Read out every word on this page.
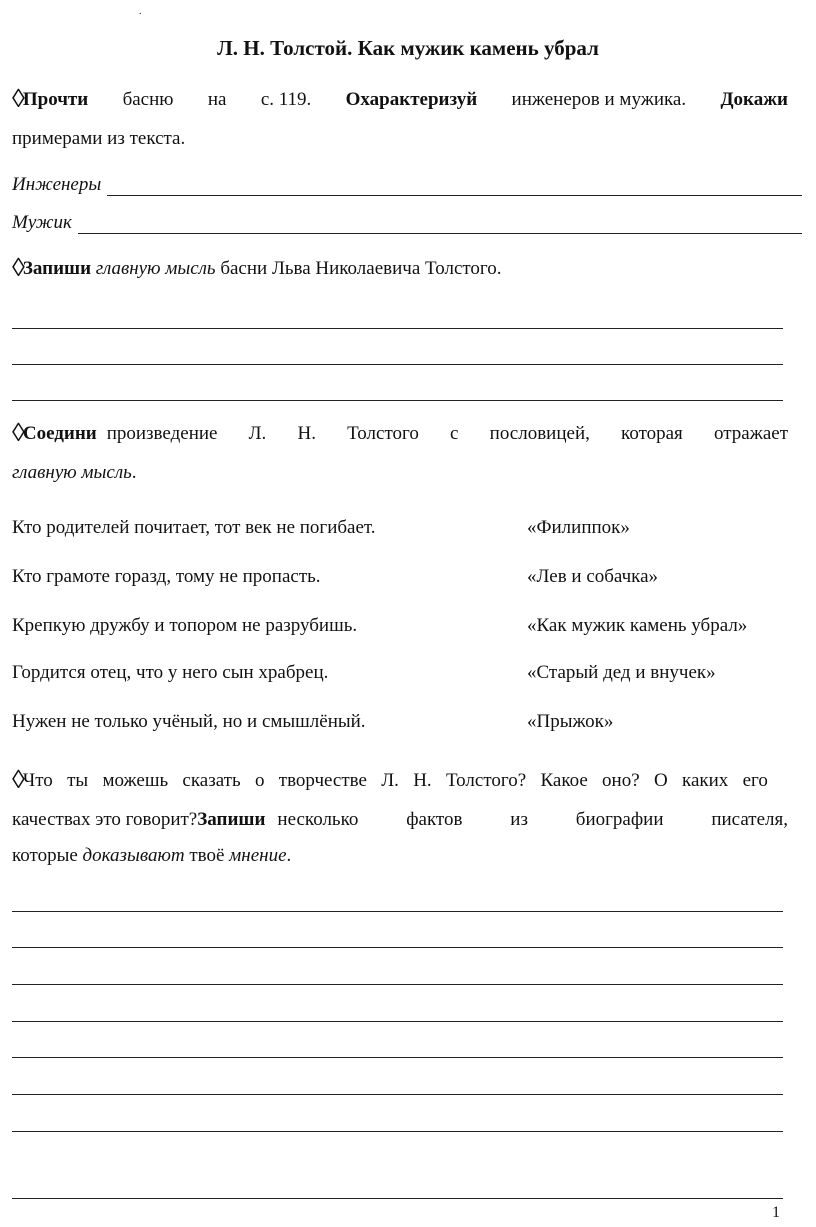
.
Л. Н. Толстой. Как мужик камень убрал
◊Прочти басню на с. 119. Охарактеризуй инженеров и мужика. Докажи
примерами из текста.
Инженеры
Мужик
◊Запиши главную мысль басни Льва Николаевича Толстого.
◊Соедини произведение Л. Н. Толстого с пословицей, которая отражает
главную мысль.
Кто родителей почитает, тот век не погибает.	«Филиппок»
Кто грамоте горазд, тому не пропасть.	«Лев и собачка»
Крепкую дружбу и топором не разрубишь.	«Как мужик камень убрал»
Гордится отец, что у него сын храбрец.	«Старый дед и внучек»
Нужен не только учёный, но и смышлёный.	«Прыжок»
◊Что ты можешь сказать о творчестве Л. Н. Толстого? Какое оно? О каких его
качествах это говорит? Запиши несколько фактов из биографии писателя,
которые доказывают твоё мнение.
1
